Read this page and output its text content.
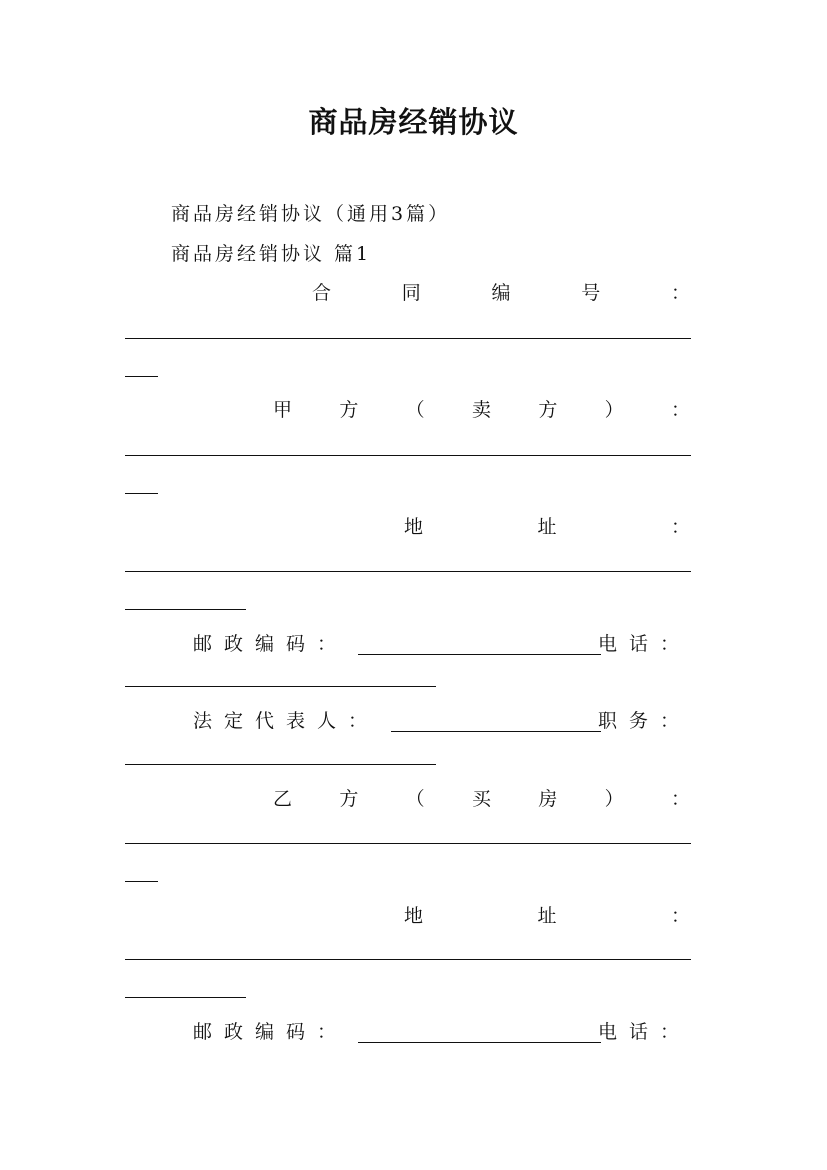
商品房经销协议
商品房经销协议（通用3篇）
商品房经销协议 篇1
合	同	编	号	：
甲 方 （ 卖 方 ） ：
地	址	：
邮政编码：	电话：
法定代表人：	职务：
乙 方 （ 买 房 ） ：
地	址	：
邮政编码：	电话：
